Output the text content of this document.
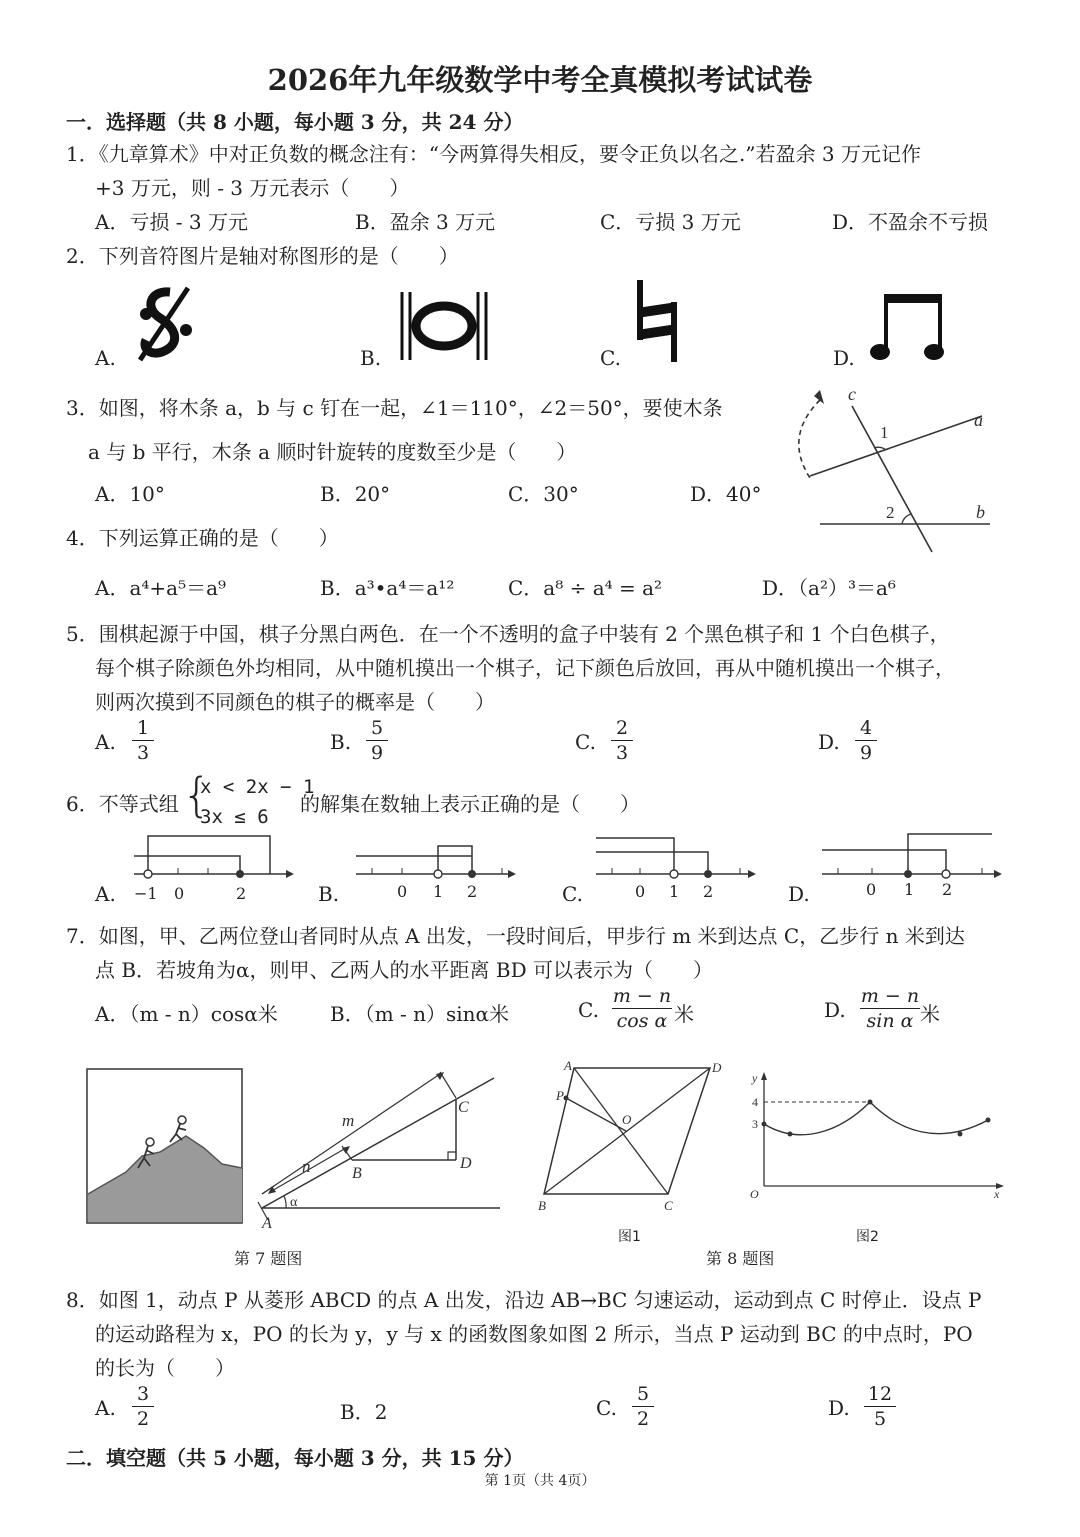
2026年九年级数学中考全真模拟考试试卷
一．选择题（共 8 小题，每小题 3 分，共 24 分）
1．《九章算术》中对正负数的概念注有：“今两算得失相反，要令正负以名之.”若盈余 3 万元记作
+3 万元，则 - 3 万元表示（　　）
A．亏损 - 3 万元	B．盈余 3 万元	C．亏损 3 万元	D．不盈余不亏损
2．下列音符图片是轴对称图形的是（　　）
A.	B.	C.	D.
3．如图，将木条 a，b 与 c 钉在一起，∠1＝110°，∠2＝50°，要使木条
a 与 b 平行，木条 a 顺时针旋转的度数至少是（　　）
A．10°	B．20°	C．30°	D．40°
c
a
b
1
2
4．下列运算正确的是（　　）
A．a⁴+a⁵＝a⁹	B．a³•a⁴＝a¹²	C．a⁸ ÷ a⁴ = a²	D．（a²）³＝a⁶
5．围棋起源于中国，棋子分黑白两色．在一个不透明的盒子中装有 2 个黑色棋子和 1 个白色棋子，
每个棋子除颜色外均相同，从中随机摸出一个棋子，记下颜色后放回，再从中随机摸出一个棋子，
则两次摸到不同颜色的棋子的概率是（　　）
A. $\frac{1}{3}$	B. $\frac{5}{9}$	C. $\frac{2}{3}$	D. $\frac{4}{9}$
6．不等式组 {
x < 2x − 1
3x ≤ 6
的解集在数轴上表示正确的是（　　）
A. −1 0	2	B.	0 1 2	C.	0 1 2	D.	0 1 2
7．如图，甲、乙两位登山者同时从点 A 出发，一段时间后，甲步行 m 米到达点 C，乙步行 n 米到达
点 B．若坡角为α，则甲、乙两人的水平距离 BD 可以表示为（　　）
A．（m - n）cosα米	B．（m - n）sinα米	C. $\frac{m - n}{\text{cos α}}$ 米	D. $\frac{m - n}{\text{sin α}}$ 米
m
n
A
B
C
D
α
第 7 题图
A	D
B	C
P
O
图1
y
x
O
4
3
图2
第 8 题图
8．如图 1，动点 P 从菱形 ABCD 的点 A 出发，沿边 AB→BC 匀速运动，运动到点 C 时停止．设点 P
的运动路程为 x，PO 的长为 y，y 与 x 的函数图象如图 2 所示，当点 P 运动到 BC 的中点时，PO
的长为（　　）
A. $\frac{3}{2}$	B．2	C. $\frac{5}{2}$	D. $\frac{12}{5}$
二．填空题（共 5 小题，每小题 3 分，共 15 分）
第 1页（共 4页）
